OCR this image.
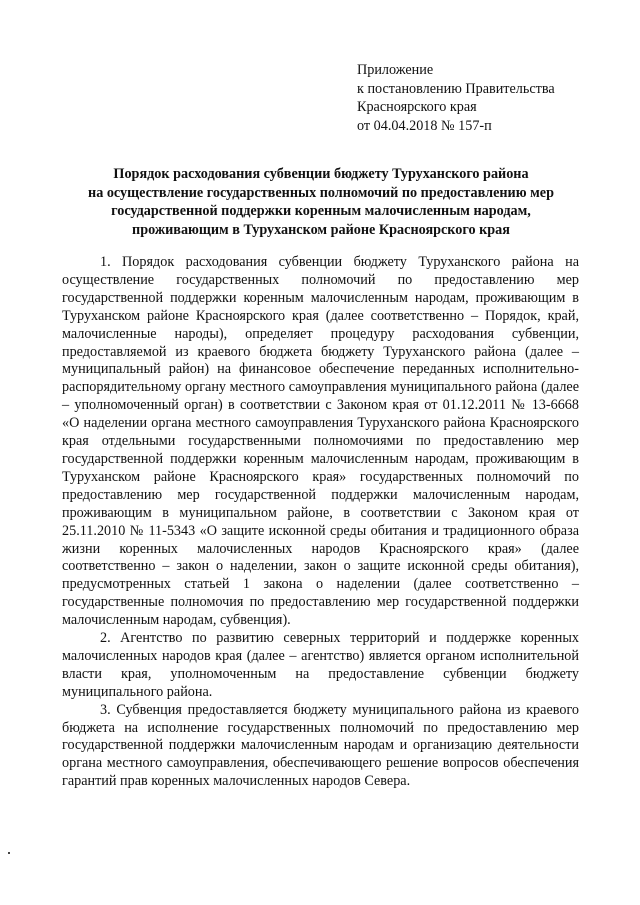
Приложение
к постановлению Правительства
Красноярского края
от 04.04.2018 № 157-п
Порядок расходования субвенции бюджету Туруханского района
на осуществление государственных полномочий по предоставлению мер
государственной поддержки коренным малочисленным народам,
проживающим в Туруханском районе Красноярского края

1. Порядок расходования субвенции бюджету Туруханского района на осуществление государственных полномочий по предоставлению мер государственной поддержки коренным малочисленным народам, проживающим в Туруханском районе Красноярского края (далее соответственно – Порядок, край, малочисленные народы), определяет процедуру расходования субвенции, предоставляемой из краевого бюджета бюджету Туруханского района (далее – муниципальный район) на финансовое обеспечение переданных исполнительно-распорядительному органу местного самоуправления муниципального района (далее – уполномоченный орган) в соответствии с Законом края от 01.12.2011 № 13-6668 «О наделении органа местного самоуправления Туруханского района Красноярского края отдельными государственными полномочиями по предоставлению мер государственной поддержки коренным малочисленным народам, проживающим в Туруханском районе Красноярского края» государственных полномочий по предоставлению мер государственной поддержки малочисленным народам, проживающим в муниципальном районе, в соответствии с Законом края от 25.11.2010 № 11-5343 «О защите исконной среды обитания и традиционного образа жизни коренных малочисленных народов Красноярского края» (далее соответственно – закон о наделении, закон о защите исконной среды обитания), предусмотренных статьей 1 закона о наделении (далее соответственно – государственные полномочия по предоставлению мер государственной поддержки малочисленным народам, субвенция).

2. Агентство по развитию северных территорий и поддержке коренных малочисленных народов края (далее – агентство) является органом исполнительной власти края, уполномоченным на предоставление субвенции бюджету муниципального района.

3. Субвенция предоставляется бюджету муниципального района из краевого бюджета на исполнение государственных полномочий по предоставлению мер государственной поддержки малочисленным народам и организацию деятельности органа местного самоуправления, обеспечивающего решение вопросов обеспечения гарантий прав коренных малочисленных народов Севера.
